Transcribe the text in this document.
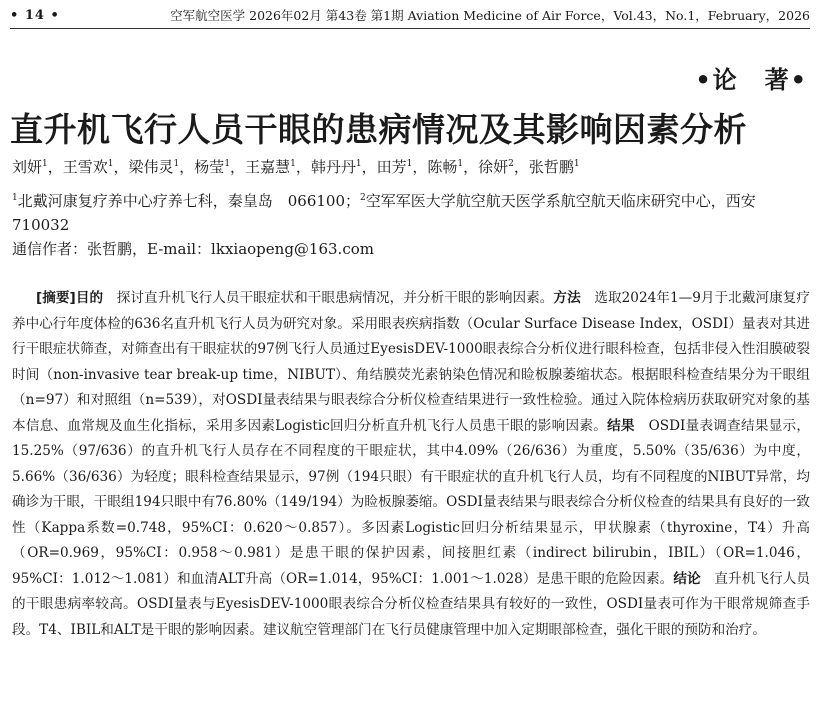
• 14 •	空军航空医学 2026年02月 第43卷 第1期 Aviation Medicine of Air Force，Vol.43，No.1，February，2026
•论　著•
直升机飞行人员干眼的患病情况及其影响因素分析
刘妍$^1$，王雪欢$^1$，梁伟灵$^1$，杨莹$^1$，王嘉慧$^1$，韩丹丹$^1$，田芳$^1$，陈畅$^1$，徐妍$^2$，张哲鹏$^1$
$^1$北戴河康复疗养中心疗养七科，秦皇岛　066100；$^2$空军军医大学航空航天医学系航空航天临床研究中心，西安　710032
通信作者：张哲鹏，E-mail：lkxiaopeng@163.com

[摘要]目的　探讨直升机飞行人员干眼症状和干眼患病情况，并分析干眼的影响因素。方法　选取2024年1—9月于北戴河康复疗养中心行年度体检的636名直升机飞行人员为研究对象。采用眼表疾病指数（Ocular Surface Disease Index，OSDI）量表对其进行干眼症状筛查，对筛查出有干眼症状的97例飞行人员通过EyesisDEV-1000眼表综合分析仪进行眼科检查，包括非侵入性泪膜破裂时间（non-invasive tear break-up time，NIBUT）、角结膜荧光素钠染色情况和睑板腺萎缩状态。根据眼科检查结果分为干眼组（n=97）和对照组（n=539），对OSDI量表结果与眼表综合分析仪检查结果进行一致性检验。通过入院体检病历获取研究对象的基本信息、血常规及血生化指标，采用多因素Logistic回归分析直升机飞行人员患干眼的影响因素。结果　OSDI量表调查结果显示，15.25%（97/636）的直升机飞行人员存在不同程度的干眼症状，其中4.09%（26/636）为重度，5.50%（35/636）为中度，5.66%（36/636）为轻度；眼科检查结果显示，97例（194只眼）有干眼症状的直升机飞行人员，均有不同程度的NIBUT异常，均确诊为干眼，干眼组194只眼中有76.80%（149/194）为睑板腺萎缩。OSDI量表结果与眼表综合分析仪检查的结果具有良好的一致性（Kappa系数=0.748，95%CI：0.620～0.857）。多因素Logistic回归分析结果显示，甲状腺素（thyroxine，T4）升高（OR=0.969，95%CI：0.958～0.981）是患干眼的保护因素，间接胆红素（indirect bilirubin，IBIL）（OR=1.046，95%CI：1.012～1.081）和血清ALT升高（OR=1.014，95%CI：1.001～1.028）是患干眼的危险因素。结论　直升机飞行人员的干眼患病率较高。OSDI量表与EyesisDEV-1000眼表综合分析仪检查结果具有较好的一致性，OSDI量表可作为干眼常规筛查手段。T4、IBIL和ALT是干眼的影响因素。建议航空管理部门在飞行员健康管理中加入定期眼部检查，强化干眼的预防和治疗。
